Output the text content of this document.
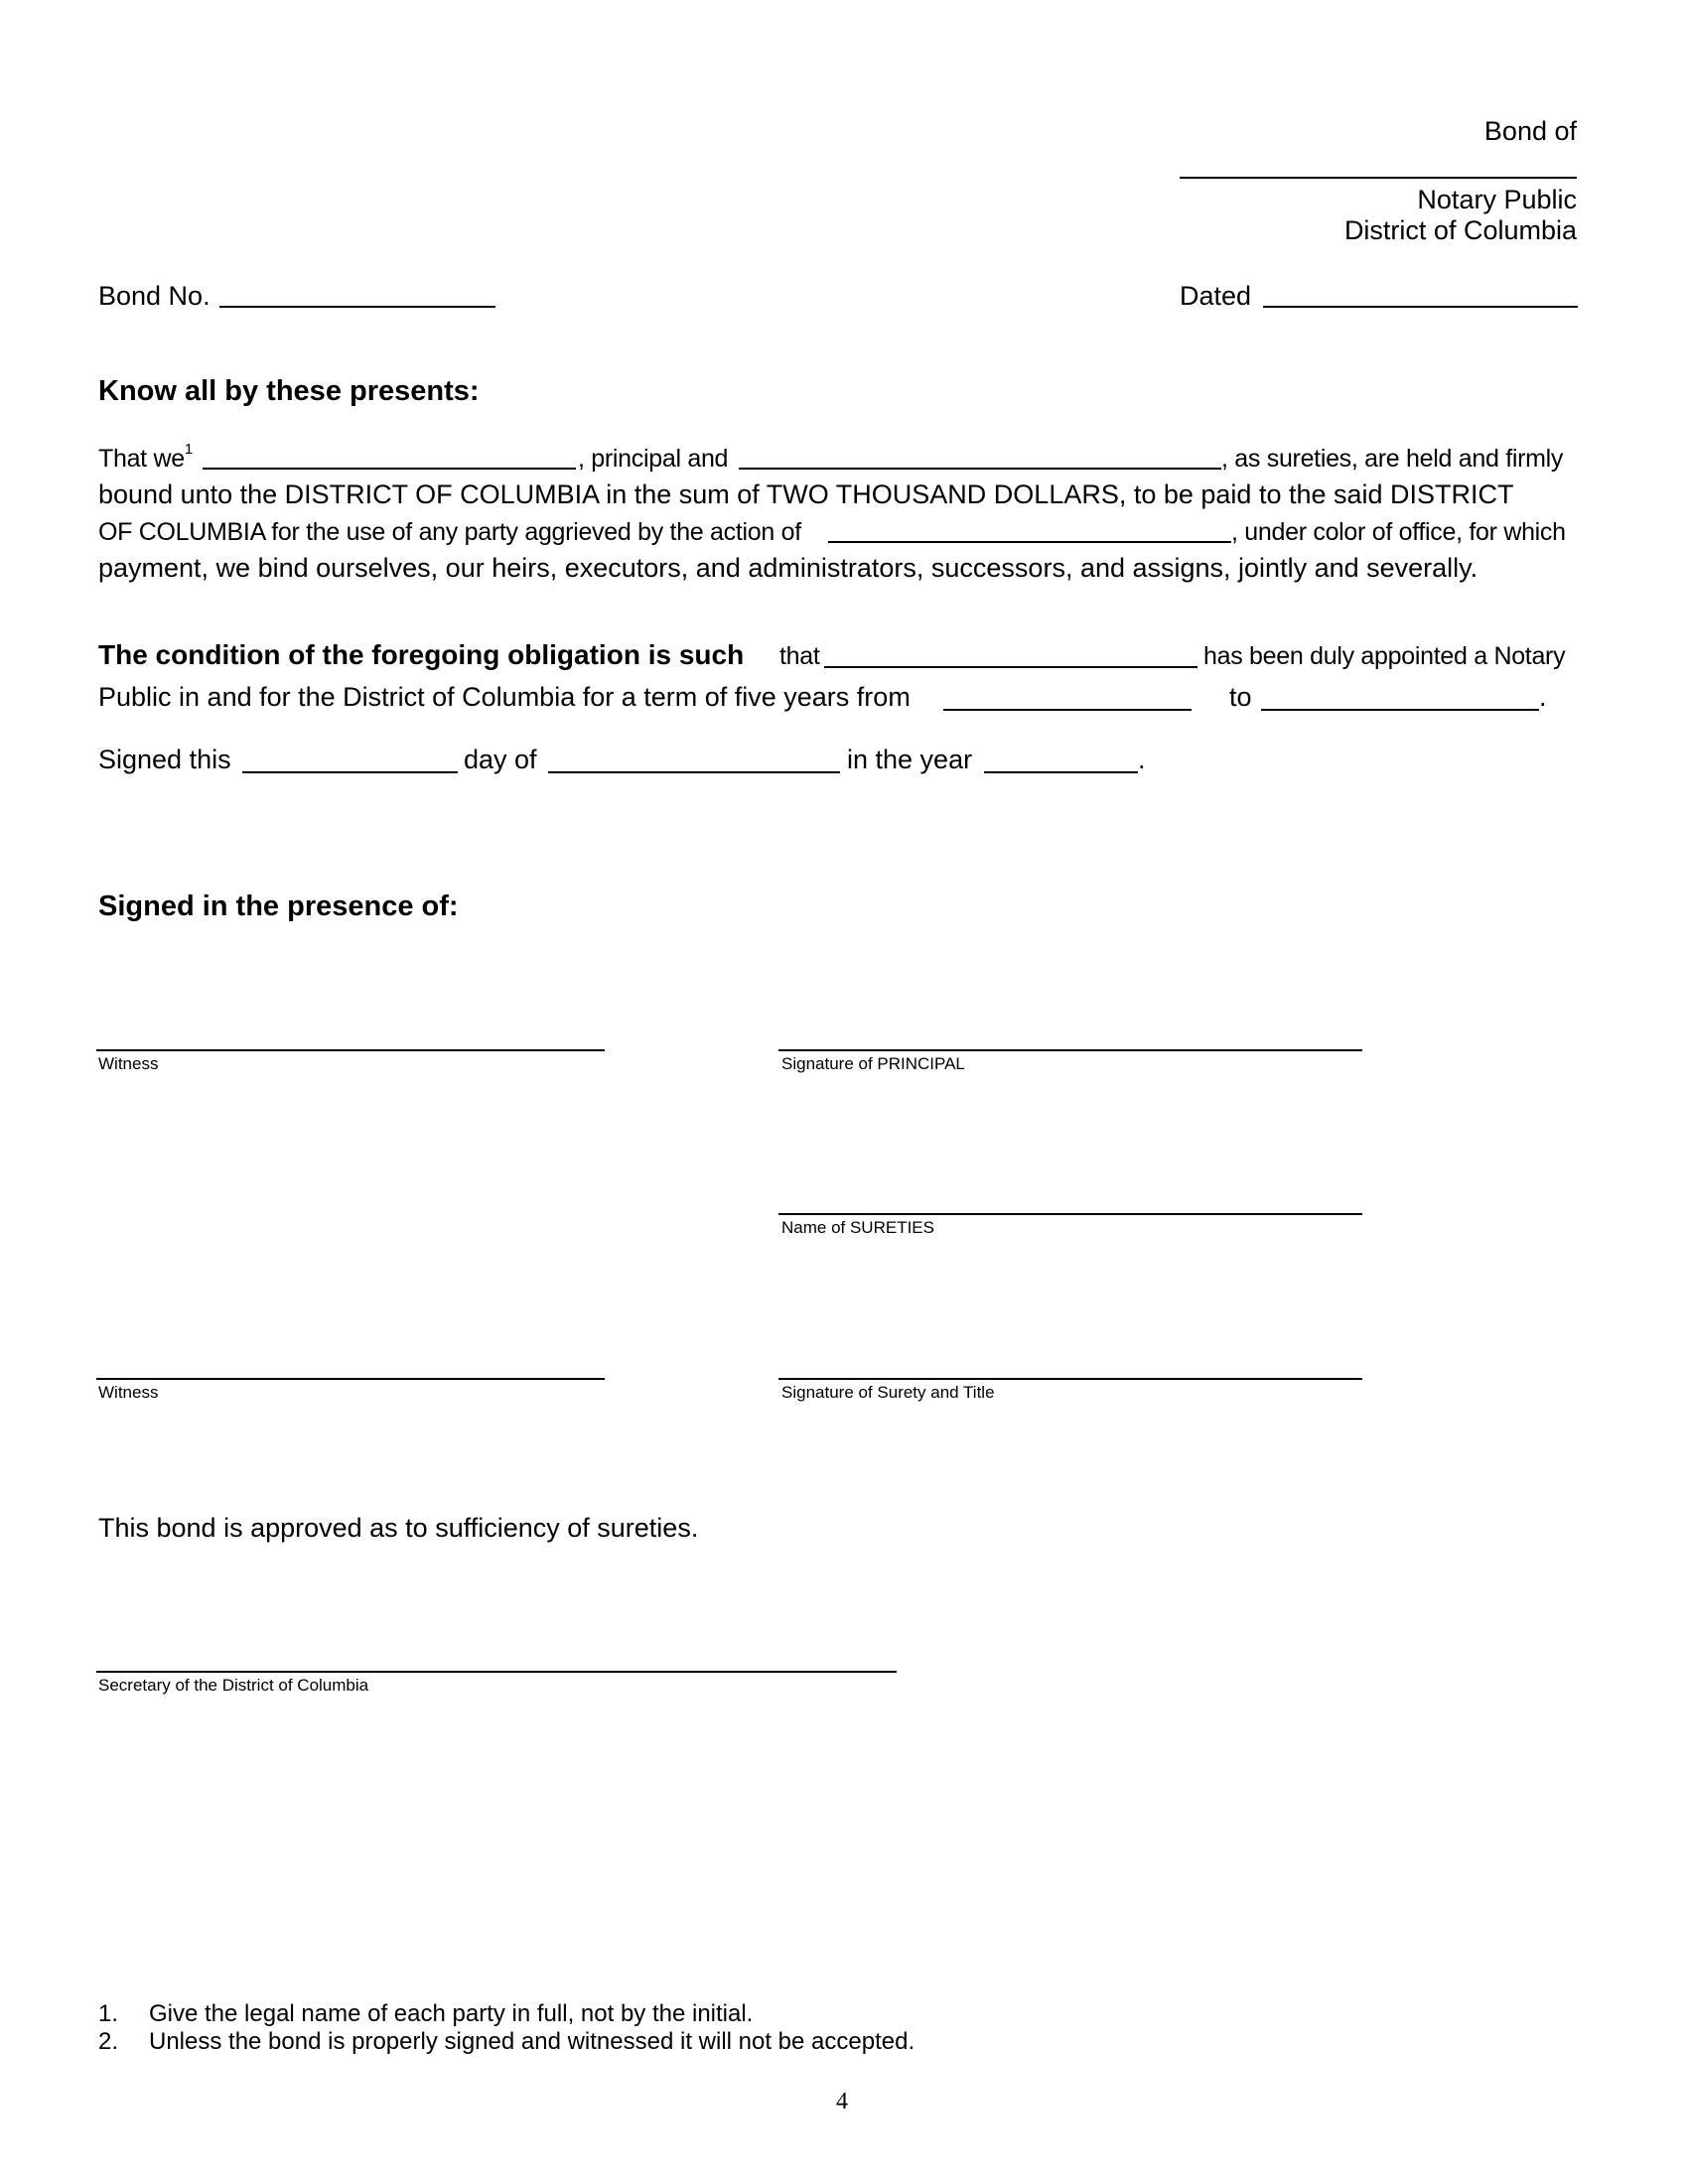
Bond of
Notary Public
District of Columbia
Bond No.	Dated
Know all by these presents:
That $we^1$	, principal and	, as sureties, are held and firmly
bound unto the DISTRICT OF COLUMBIA in the sum of TWO THOUSAND DOLLARS, to be paid to the said DISTRICT
OF COLUMBIA for the use of any party aggrieved by the action of	, under color of office, for which
payment, we bind ourselves, our heirs, executors, and administrators, successors, and assigns, jointly and severally.
The condition of the foregoing obligation is such that	has been duly appointed a Notary
Public in and for the District of Columbia for a term of five years from	to	.
Signed this	day of	in the year	.
Signed in the presence of:
Witness	Signature of PRINCIPAL
Name of SURETIES
Witness	Signature of Surety and Title
This bond is approved as to sufficiency of sureties.
Secretary of the District of Columbia
1. Give the legal name of each party in full, not by the initial.
2. Unless the bond is properly signed and witnessed it will not be accepted.
4
